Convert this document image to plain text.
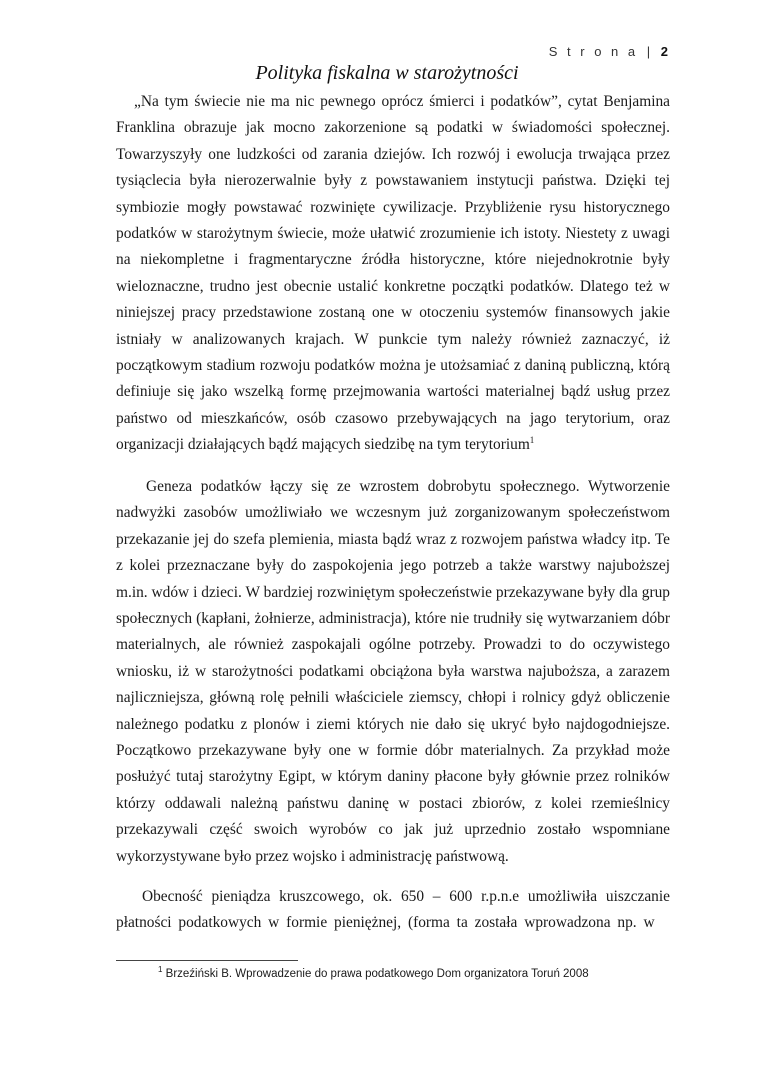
S t r o n a | 2
Polityka fiskalna w starożytności

„Na tym świecie nie ma nic pewnego oprócz śmierci i podatków”, cytat Benjamina Franklina obrazuje jak mocno zakorzenione są podatki w świadomości społecznej. Towarzyszyły one ludzkości od zarania dziejów. Ich rozwój i ewolucja trwająca przez tysiąclecia była nierozerwalnie były z powstawaniem instytucji państwa. Dzięki tej symbiozie mogły powstawać rozwinięte cywilizacje. Przybliżenie rysu historycznego podatków w starożytnym świecie, może ułatwić zrozumienie ich istoty. Niestety z uwagi na niekompletne i fragmentaryczne źródła historyczne, które niejednokrotnie były wieloznaczne, trudno jest obecnie ustalić konkretne początki podatków. Dlatego też w niniejszej pracy przedstawione zostaną one w otoczeniu systemów finansowych jakie istniały w analizowanych krajach. W punkcie tym należy również zaznaczyć, iż początkowym stadium rozwoju podatków można je utożsamiać z daniną publiczną, którą definiuje się jako wszelką formę przejmowania wartości materialnej bądź usług przez państwo od mieszkańców, osób czasowo przebywających na jago terytorium, oraz organizacji działających bądź mających siedzibę na tym terytorium$^1$

Geneza podatków łączy się ze wzrostem dobrobytu społecznego. Wytworzenie nadwyżki zasobów umożliwiało we wczesnym już zorganizowanym społeczeństwom przekazanie jej do szefa plemienia, miasta bądź wraz z rozwojem państwa władcy itp. Te z kolei przeznaczane były do zaspokojenia jego potrzeb a także warstwy najuboższej m.in. wdów i dzieci. W bardziej rozwiniętym społeczeństwie przekazywane były dla grup społecznych (kapłani, żołnierze, administracja), które nie trudniły się wytwarzaniem dóbr materialnych, ale również zaspokajali ogólne potrzeby. Prowadzi to do oczywistego wniosku, iż w starożytności podatkami obciążona była warstwa najuboższa, a zarazem najliczniejsza, główną rolę pełnili właściciele ziemscy, chłopi i rolnicy gdyż obliczenie należnego podatku z plonów i ziemi których nie dało się ukryć było najdogodniejsze. Początkowo przekazywane były one w formie dóbr materialnych. Za przykład może posłużyć tutaj starożytny Egipt, w którym daniny płacone były głównie przez rolników którzy oddawali należną państwu daninę w postaci zbiorów, z kolei rzemieślnicy przekazywali część swoich wyrobów co jak już uprzednio zostało wspomniane wykorzystywane było przez wojsko i administrację państwową.

Obecność pieniądza kruszcowego, ok. 650 – 600 r.p.n.e umożliwiła uiszczanie płatności podatkowych w formie pieniężnej, (forma ta została wprowadzona np. w

$^1$ Brzeźiński B. Wprowadzenie do prawa podatkowego Dom organizatora Toruń 2008
